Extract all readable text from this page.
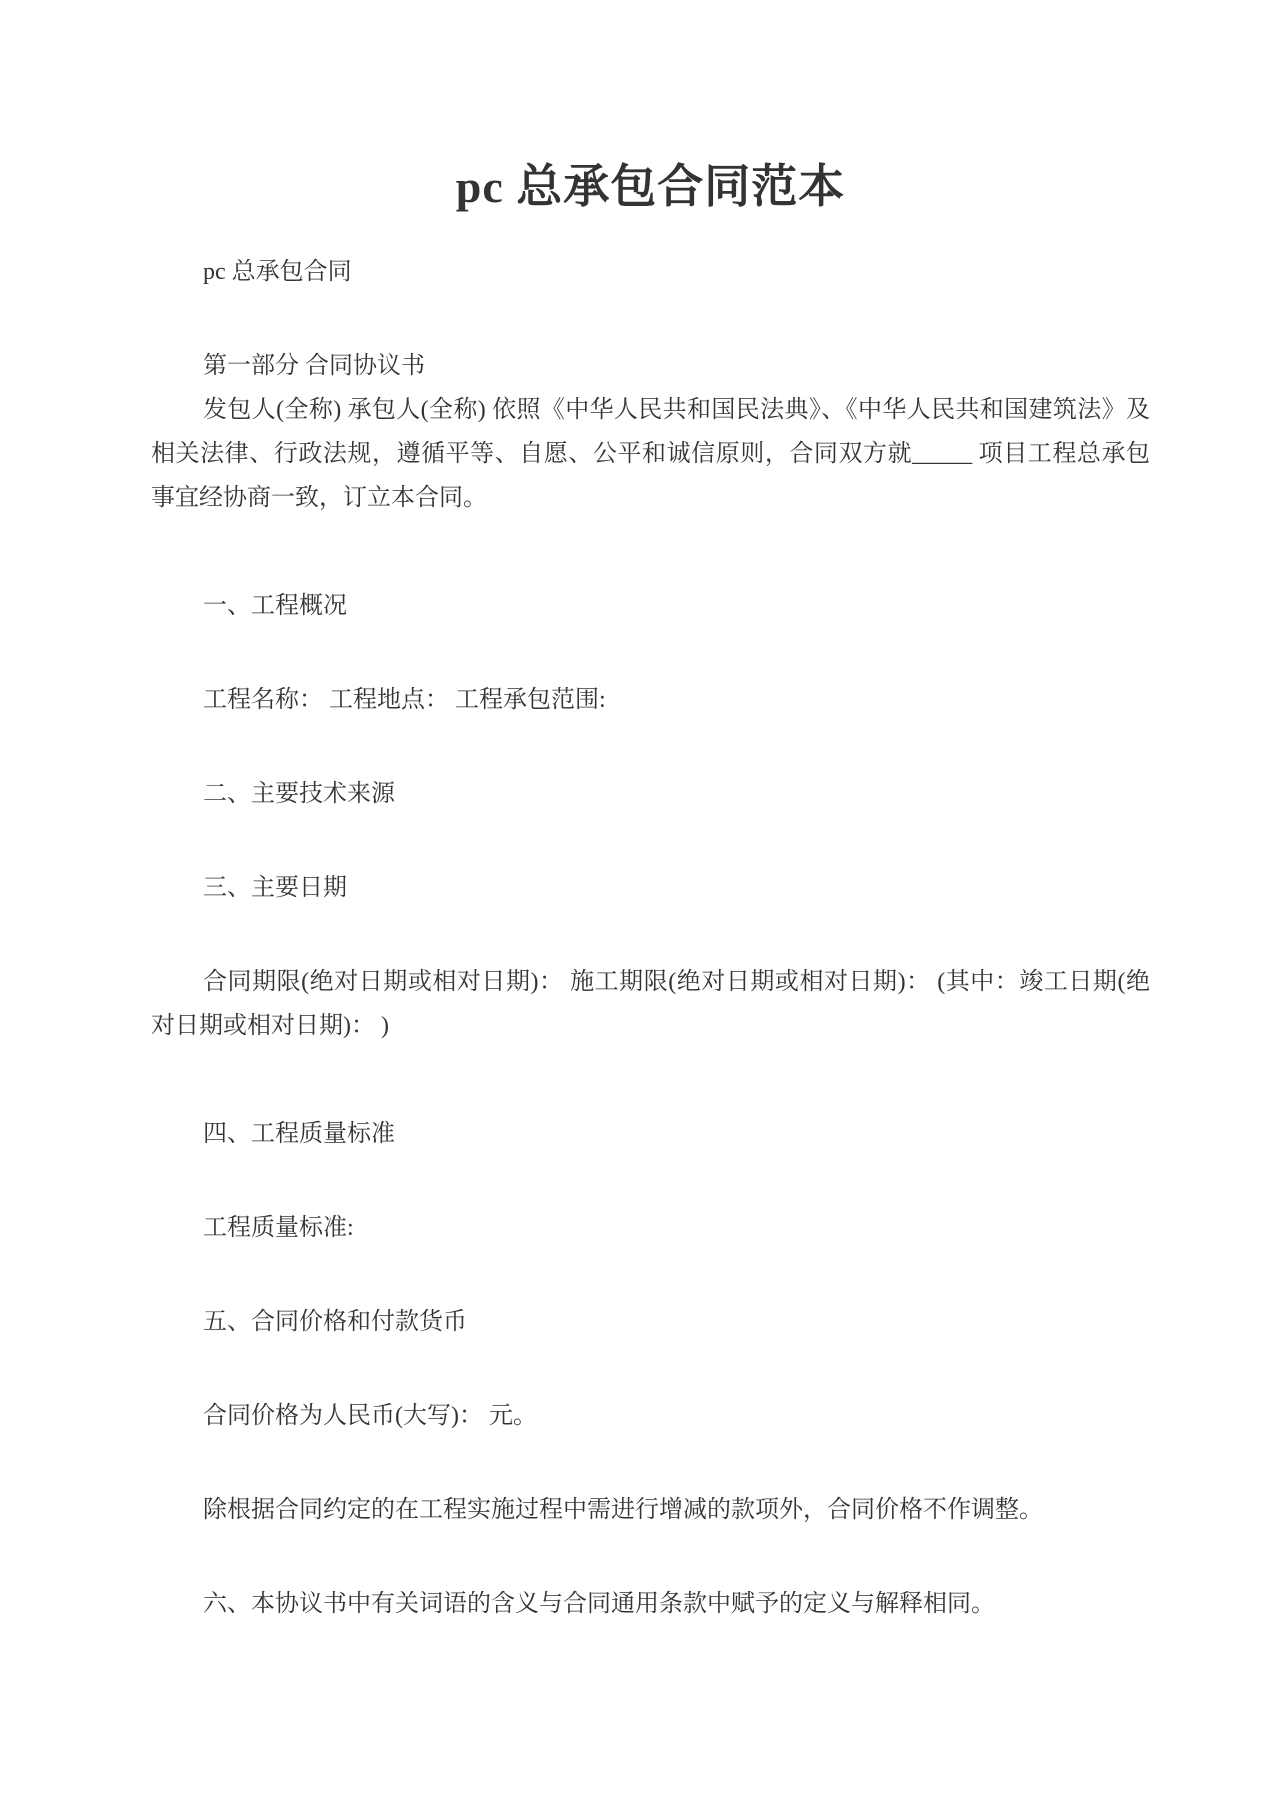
pc 总承包合同范本

pc 总承包合同

第一部分 合同协议书

发包人(全称) 承包人(全称) 依照《中华人民共和国民法典》、《中华人民共和国建筑法》及相关法律、行政法规，遵循平等、自愿、公平和诚信原则，合同双方就_____ 项目工程总承包事宜经协商一致，订立本合同。

一、工程概况

工程名称： 工程地点： 工程承包范围:

二、主要技术来源

三、主要日期

合同期限(绝对日期或相对日期)： 施工期限(绝对日期或相对日期)： (其中：竣工日期(绝对日期或相对日期)： )

四、工程质量标准

工程质量标准:

五、合同价格和付款货币

合同价格为人民币(大写)： 元。

除根据合同约定的在工程实施过程中需进行增减的款项外，合同价格不作调整。

六、本协议书中有关词语的含义与合同通用条款中赋予的定义与解释相同。
